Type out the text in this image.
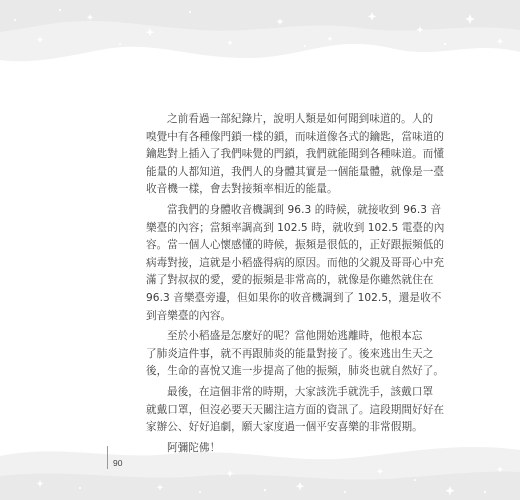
之前看過一部紀錄片，說明人類是如何聞到味道的。人的
嗅覺中有各種像門鎖一樣的鎖，而味道像各式的鑰匙，當味道的
鑰匙對上插入了我們味覺的門鎖，我們就能聞到各種味道。而懂
能量的人都知道，我們人的身體其實是一個能量體，就像是一臺
收音機一樣，會去對接頻率相近的能量。
當我們的身體收音機調到 96.3 的時候，就接收到 96.3 音
樂臺的內容；當頻率調高到 102.5 時，就收到 102.5 電臺的內
容。當一個人心懷感懂的時候，振頻是很低的，正好跟振頻低的
病毒對接，這就是小稻盛得病的原因。而他的父親及哥哥心中充
滿了對叔叔的愛，愛的振頻是非常高的，就像是你雖然就住在
96.3 音樂臺旁邊，但如果你的收音機調到了 102.5，還是收不
到音樂臺的內容。
至於小稻盛是怎麼好的呢？當他開始逃離時，他根本忘
了肺炎這件事，就不再跟肺炎的能量對接了。後來逃出生天之
後，生命的喜悅又進一步提高了他的振頻，肺炎也就自然好了。
最後，在這個非常的時期，大家該洗手就洗手，該戴口罩
就戴口罩，但沒必要天天關注這方面的資訊了。這段期間好好在
家辦公、好好追劇，願大家度過一個平安喜樂的非常假期。
阿彌陀佛！
90
